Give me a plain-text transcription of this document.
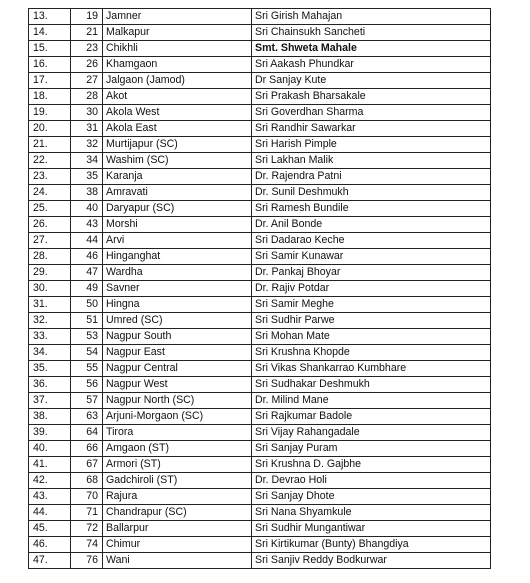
13.	19	Jamner	Sri Girish Mahajan
14.	21	Malkapur	Sri Chainsukh Sancheti
15.	23	Chikhli	Smt. Shweta Mahale
16.	26	Khamgaon	Sri Aakash Phundkar
17.	27	Jalgaon (Jamod)	Dr Sanjay Kute
18.	28	Akot	Sri Prakash Bharsakale
19.	30	Akola West	Sri Goverdhan Sharma
20.	31	Akola East	Sri Randhir Sawarkar
21.	32	Murtijapur (SC)	Sri Harish Pimple
22.	34	Washim (SC)	Sri Lakhan Malik
23.	35	Karanja	Dr. Rajendra Patni
24.	38	Amravati	Dr. Sunil Deshmukh
25.	40	Daryapur (SC)	Sri Ramesh Bundile
26.	43	Morshi	Dr. Anil Bonde
27.	44	Arvi	Sri Dadarao Keche
28.	46	Hinganghat	Sri Samir Kunawar
29.	47	Wardha	Dr. Pankaj Bhoyar
30.	49	Savner	Dr. Rajiv Potdar
31.	50	Hingna	Sri Samir Meghe
32.	51	Umred (SC)	Sri Sudhir Parwe
33.	53	Nagpur South	Sri Mohan Mate
34.	54	Nagpur East	Sri Krushna Khopde
35.	55	Nagpur Central	Sri Vikas Shankarrao Kumbhare
36.	56	Nagpur West	Sri Sudhakar Deshmukh
37.	57	Nagpur North (SC)	Dr. Milind Mane
38.	63	Arjuni-Morgaon (SC)	Sri Rajkumar Badole
39.	64	Tirora	Sri Vijay Rahangadale
40.	66	Amgaon (ST)	Sri Sanjay Puram
41.	67	Armori (ST)	Sri Krushna D. Gajbhe
42.	68	Gadchiroli (ST)	Dr. Devrao Holi
43.	70	Rajura	Sri Sanjay Dhote
44.	71	Chandrapur (SC)	Sri Nana Shyamkule
45.	72	Ballarpur	Sri Sudhir Mungantiwar
46.	74	Chimur	Sri Kirtikumar (Bunty) Bhangdiya
47.	76	Wani	Sri Sanjiv Reddy Bodkurwar
